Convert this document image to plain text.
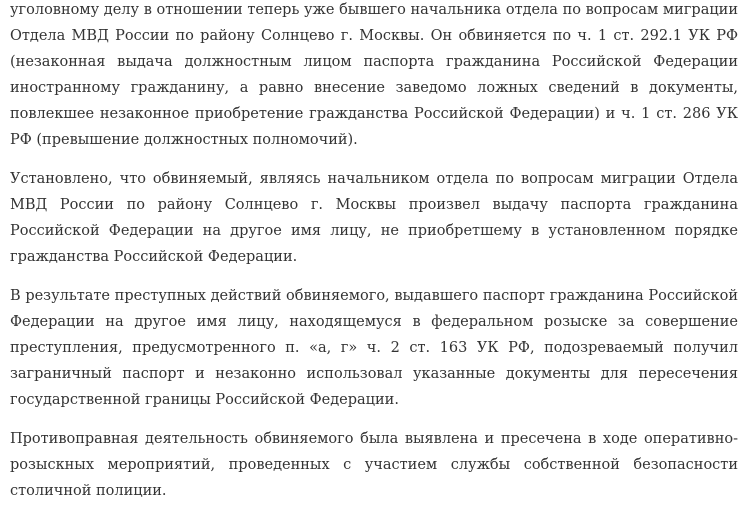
уголовному делу в отношении теперь уже бывшего начальника отдела по вопросам миграции Отдела МВД России по району Солнцево г. Москвы. Он обвиняется по ч. 1 ст. 292.1 УК РФ (незаконная выдача должностным лицом паспорта гражданина Российской Федерации иностранному гражданину, а равно внесение заведомо ложных сведений в документы, повлекшее незаконное приобретение гражданства Российской Федерации) и ч. 1 ст. 286 УК РФ (превышение должностных полномочий).

Установлено, что обвиняемый, являясь начальником отдела по вопросам миграции Отдела МВД России по району Солнцево г. Москвы произвел выдачу паспорта гражданина Российской Федерации на другое имя лицу, не приобретшему в установленном порядке гражданства Российской Федерации.

В результате преступных действий обвиняемого, выдавшего паспорт гражданина Российской Федерации на другое имя лицу, находящемуся в федеральном розыске за совершение преступления, предусмотренного п. «а, г» ч. 2 ст. 163 УК РФ, подозреваемый получил заграничный паспорт и незаконно использовал указанные документы для пересечения государственной границы Российской Федерации.

Противоправная деятельность обвиняемого была выявлена и пресечена в ходе оперативно-розыскных мероприятий, проведенных с участием службы собственной безопасности столичной полиции.
